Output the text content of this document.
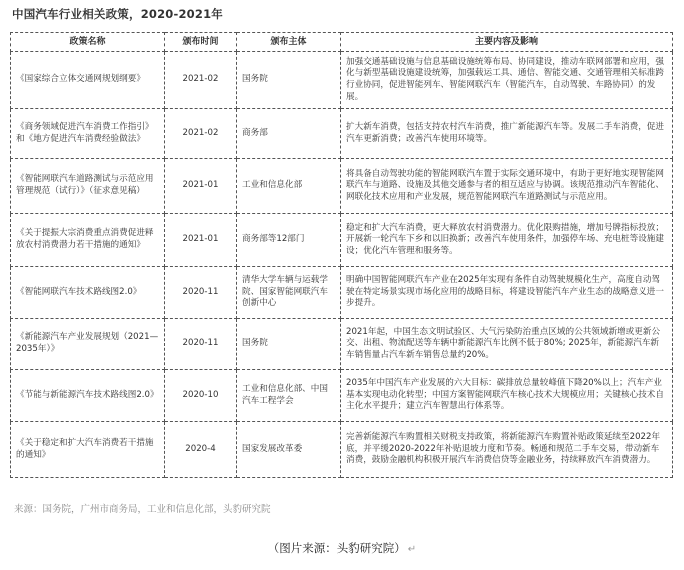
中国汽车行业相关政策，2020-2021年
政策名称	颁布时间	颁布主体	主要内容及影响
《国家综合立体交通网规划纲要》	2021-02	国务院	加强交通基础设施与信息基础设施统筹布局、协同建设，推动车联网部署和应用，强化与新型基础设施建设统筹，加强载运工具、通信、智能交通、交通管理相关标准跨行业协同，促进智能列车、智能网联汽车（智能汽车，自动驾驶、车路协同）的发展。
《商务领域促进汽车消费工作指引》和《地方促进汽车消费经验做法》	2021-02	商务部	扩大新车消费，包括支持农村汽车消费，推广新能源汽车等。发展二手车消费，促进汽车更新消费；改善汽车使用环境等。
《智能网联汽车道路测试与示范应用管理规范（试行）》（征求意见稿）	2021-01	工业和信息化部	将具备自动驾驶功能的智能网联汽车置于实际交通环境中，有助于更好地实现智能网联汽车与道路、设施及其他交通参与者的相互适应与协调。该规范推动汽车智能化、网联化技术应用和产业发展，规范智能网联汽车道路测试与示范应用。
《关于提振大宗消费重点消费促进释放农村消费潜力若干措施的通知》	2021-01	商务部等12部门	稳定和扩大汽车消费，更大释放农村消费潜力。优化限购措施，增加号牌指标投放；开展新一轮汽车下乡和以旧换新；改善汽车使用条件，加强停车场、充电桩等设施建设；优化汽车管理和服务等。
《智能网联汽车技术路线图2.0》	2020-11	清华大学车辆与运载学院、国家智能网联汽车创新中心	明确中国智能网联汽车产业在2025年实现有条件自动驾驶规模化生产，高度自动驾驶在特定场景实现市场化应用的战略目标，将建设智能汽车产业生态的战略意义进一步提升。
《新能源汽车产业发展规划（2021—2035年）》	2020-11	国务院	2021年起，中国生态文明试验区、大气污染防治重点区域的公共领域新增或更新公交、出租、物流配送等车辆中新能源汽车比例不低于80%; 2025年，新能源汽车新车销售量占汽车新车销售总量约20%。
《节能与新能源汽车技术路线图2.0》	2020-10	工业和信息化部、中国汽车工程学会	2035年中国汽车产业发展的六大目标：碳排放总量较峰值下降20%以上；汽车产业基本实现电动化转型；中国方案智能网联汽车核心技术大规模应用；关键核心技术自主化水平提升；建立汽车智慧出行体系等。
《关于稳定和扩大汽车消费若干措施的通知》	2020-4	国家发展改革委	完善新能源汽车购置相关财税支持政策，将新能源汽车购置补贴政策延续至2022年底，并平缓2020-2022年补贴退坡力度和节奏。畅通和规范二手车交易，带动新车消费，鼓励金融机构积极开展汽车消费信贷等金融业务，持续释放汽车消费潜力。
来源：国务院，广州市商务局，工业和信息化部，头豹研究院
（图片来源：头豹研究院） ↵
